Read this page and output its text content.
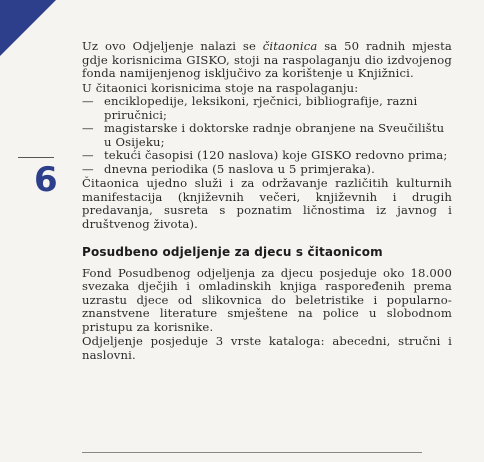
6

Uz ovo Odjeljenje nalazi se čitaonica sa 50 radnih mjesta gdje korisnicima GISKO, stoji na raspolaganju dio izdvojenog fonda namijenjenog isključivo za korištenje u Knjižnici.

U čitaonici korisnicima stoje na raspolaganju:

— enciklopedije, leksikoni, rječnici, bibliografije, razni priručnici;
— magistarske i doktorske radnje obranjene na Sveučilištu u Osijeku;
— tekući časopisi (120 naslova) koje GISKO redovno prima;
— dnevna periodika (5 naslova u 5 primjeraka).

Čitaonica ujedno služi i za održavanje različitih kulturnih manifestacija (književnih večeri, književnih i drugih predavanja, susreta s poznatim ličnostima iz javnog i društvenog života).

Posudbeno odjeljenje za djecu s čitaonicom

Fond Posudbenog odjeljenja za djecu posjeduje oko 18.000 svezaka dječjih i omladinskih knjiga raspoređenih prema uzrastu djece od slikovnica do beletristike i popularno-znanstvene literature smještene na police u slobodnom pristupu za korisnike.

Odjeljenje posjeduje 3 vrste kataloga: abecedni, stručni i naslovni.
